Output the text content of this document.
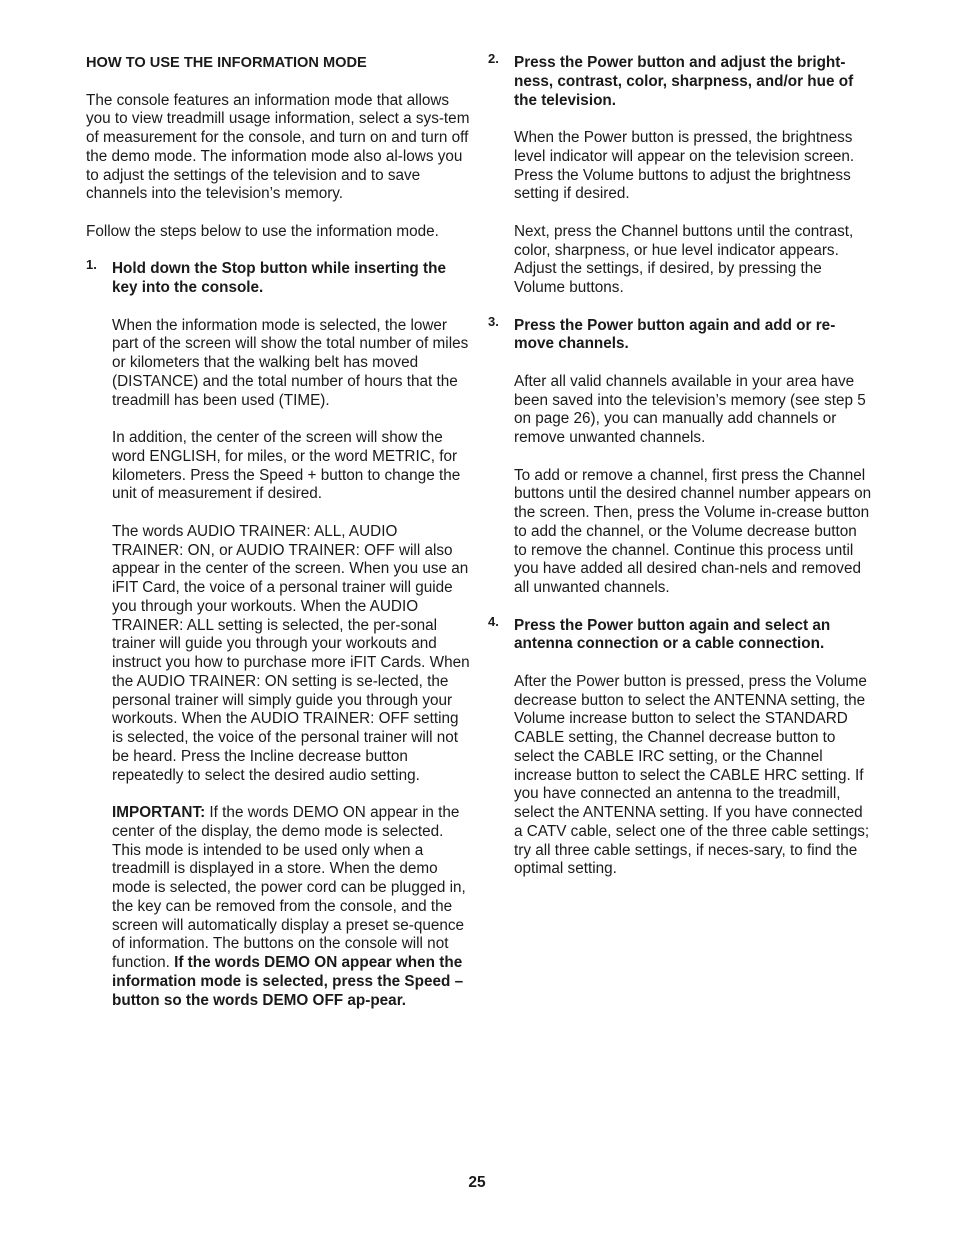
HOW TO USE THE INFORMATION MODE

The console features an information mode that allows you to view treadmill usage information, select a sys-tem of measurement for the console, and turn on and turn off the demo mode. The information mode also al-lows you to adjust the settings of the television and to save channels into the television’s memory.

Follow the steps below to use the information mode.

1. Hold down the Stop button while inserting the key into the console.

When the information mode is selected, the lower part of the screen will show the total number of miles or kilometers that the walking belt has moved (DISTANCE) and the total number of hours that the treadmill has been used (TIME).

In addition, the center of the screen will show the word ENGLISH, for miles, or the word METRIC, for kilometers. Press the Speed + button to change the unit of measurement if desired.

The words AUDIO TRAINER: ALL, AUDIO TRAINER: ON, or AUDIO TRAINER: OFF will also appear in the center of the screen. When you use an iFIT Card, the voice of a personal trainer will guide you through your workouts. When the AUDIO TRAINER: ALL setting is selected, the per-sonal trainer will guide you through your workouts and instruct you how to purchase more iFIT Cards. When the AUDIO TRAINER: ON setting is se-lected, the personal trainer will simply guide you through your workouts. When the AUDIO TRAINER: OFF setting is selected, the voice of the personal trainer will not be heard. Press the Incline decrease button repeatedly to select the desired audio setting.

IMPORTANT: If the words DEMO ON appear in the center of the display, the demo mode is selected. This mode is intended to be used only when a treadmill is displayed in a store. When the demo mode is selected, the power cord can be plugged in, the key can be removed from the console, and the screen will automatically display a preset se-quence of information. The buttons on the console will not function. If the words DEMO ON appear when the information mode is selected, press the Speed – button so the words DEMO OFF ap-pear.

2. Press the Power button and adjust the bright-ness, contrast, color, sharpness, and/or hue of the television.

When the Power button is pressed, the brightness level indicator will appear on the television screen. Press the Volume buttons to adjust the brightness setting if desired.

Next, press the Channel buttons until the contrast, color, sharpness, or hue level indicator appears. Adjust the settings, if desired, by pressing the Volume buttons.

3. Press the Power button again and add or re-move channels.

After all valid channels available in your area have been saved into the television’s memory (see step 5 on page 26), you can manually add channels or remove unwanted channels.

To add or remove a channel, first press the Channel buttons until the desired channel number appears on the screen. Then, press the Volume in-crease button to add the channel, or the Volume decrease button to remove the channel. Continue this process until you have added all desired chan-nels and removed all unwanted channels.

4. Press the Power button again and select an antenna connection or a cable connection.

After the Power button is pressed, press the Volume decrease button to select the ANTENNA setting, the Volume increase button to select the STANDARD CABLE setting, the Channel decrease button to select the CABLE IRC setting, or the Channel increase button to select the CABLE HRC setting. If you have connected an antenna to the treadmill, select the ANTENNA setting. If you have connected a CATV cable, select one of the three cable settings; try all three cable settings, if neces-sary, to find the optimal setting.

25
